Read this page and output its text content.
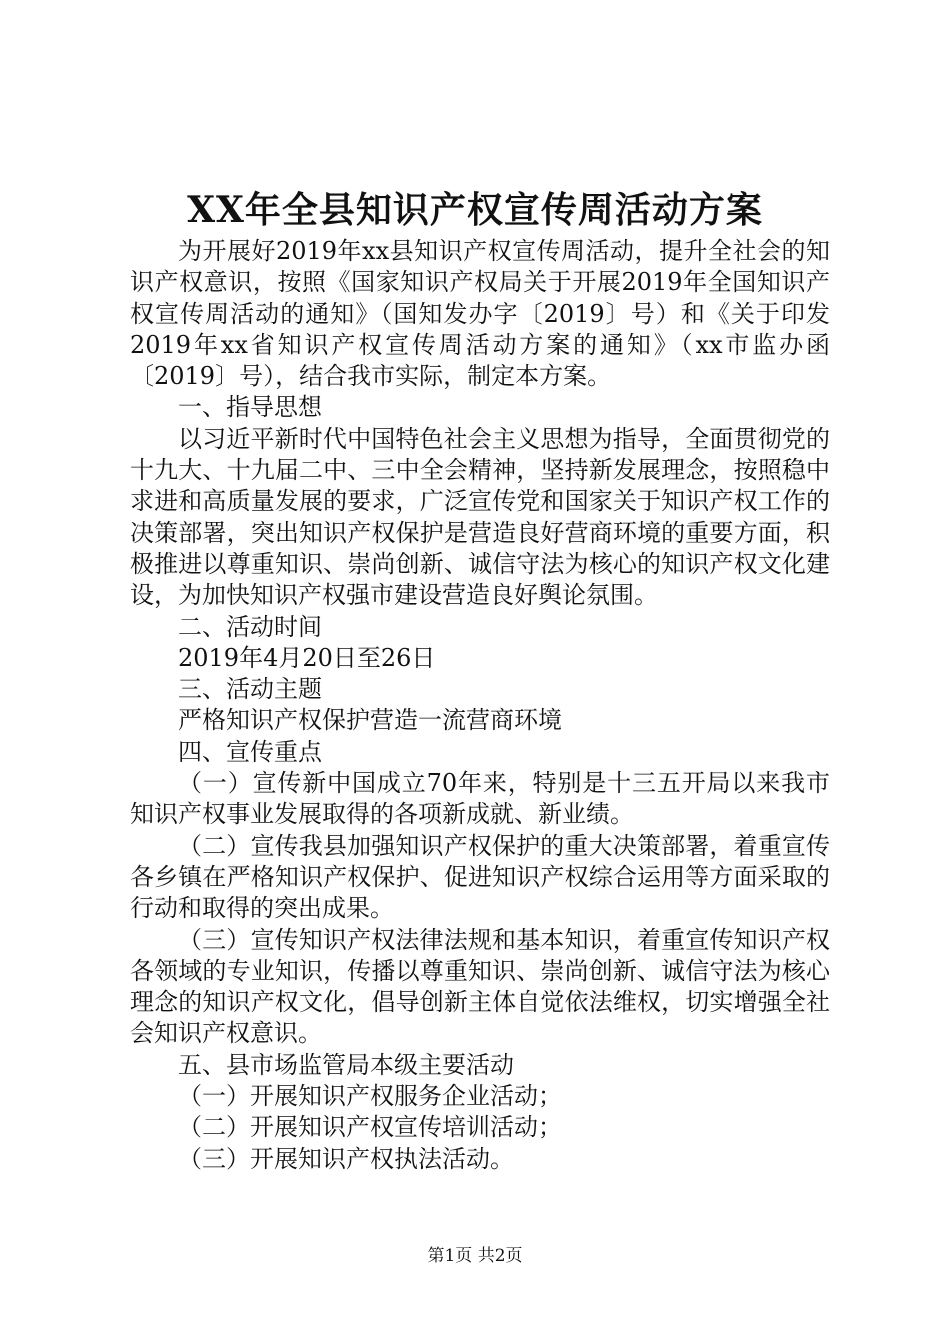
XX年全县知识产权宣传周活动方案

为开展好2019年xx县知识产权宣传周活动，提升全社会的知识产权意识，按照《国家知识产权局关于开展2019年全国知识产权宣传周活动的通知》（国知发办字〔2019〕号）和《关于印发2019年xx省知识产权宣传周活动方案的通知》（xx市监办函〔2019〕号），结合我市实际，制定本方案。

一、指导思想

以习近平新时代中国特色社会主义思想为指导，全面贯彻党的十九大、十九届二中、三中全会精神，坚持新发展理念，按照稳中求进和高质量发展的要求，广泛宣传党和国家关于知识产权工作的决策部署，突出知识产权保护是营造良好营商环境的重要方面，积极推进以尊重知识、崇尚创新、诚信守法为核心的知识产权文化建设，为加快知识产权强市建设营造良好舆论氛围。

二、活动时间

2019年4月20日至26日

三、活动主题

严格知识产权保护营造一流营商环境

四、宣传重点

（一）宣传新中国成立70年来，特别是十三五开局以来我市知识产权事业发展取得的各项新成就、新业绩。

（二）宣传我县加强知识产权保护的重大决策部署，着重宣传各乡镇在严格知识产权保护、促进知识产权综合运用等方面采取的行动和取得的突出成果。

（三）宣传知识产权法律法规和基本知识，着重宣传知识产权各领域的专业知识，传播以尊重知识、崇尚创新、诚信守法为核心理念的知识产权文化，倡导创新主体自觉依法维权，切实增强全社会知识产权意识。

五、县市场监管局本级主要活动

（一）开展知识产权服务企业活动；

（二）开展知识产权宣传培训活动；

（三）开展知识产权执法活动。

第1页 共2页
